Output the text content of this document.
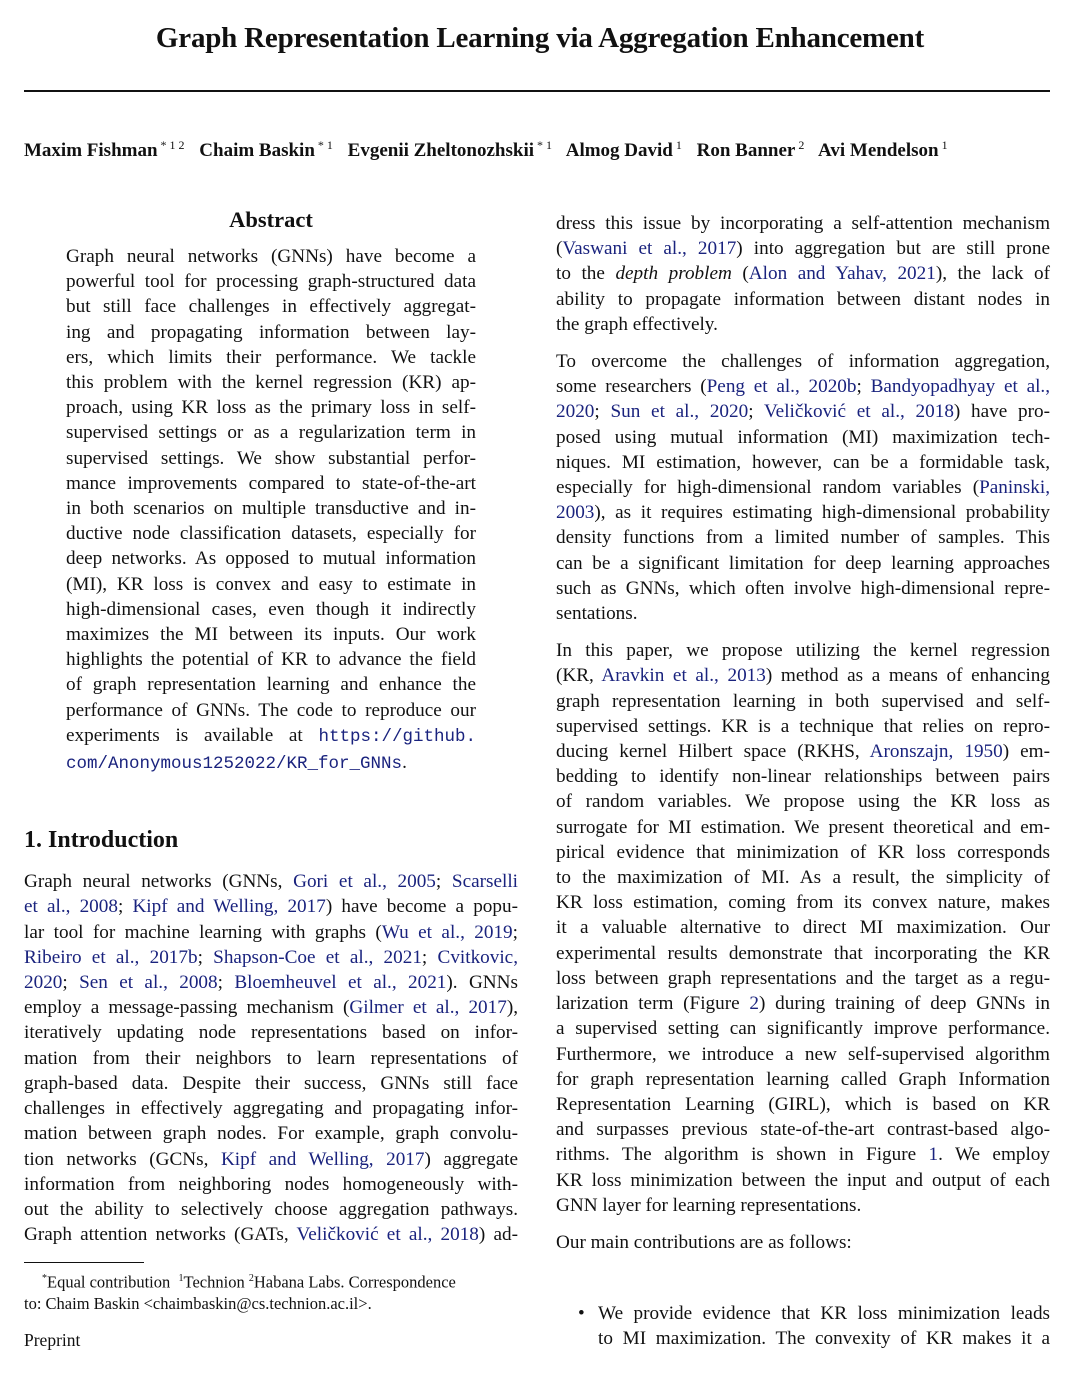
Graph Representation Learning via Aggregation Enhancement
Maxim Fishman $^{* 1 2}$ Chaim Baskin $^{* 1}$ Evgenii Zheltonozhskii $^{* 1}$ Almog David $^1$ Ron Banner $^2$ Avi Mendelson $^1$
Abstract
Graph neural networks (GNNs) have become a
powerful tool for processing graph-structured data
but still face challenges in effectively aggregat-
ing and propagating information between lay-
ers, which limits their performance. We tackle
this problem with the kernel regression (KR) ap-
proach, using KR loss as the primary loss in self-
supervised settings or as a regularization term in
supervised settings. We show substantial perfor-
mance improvements compared to state-of-the-art
in both scenarios on multiple transductive and in-
ductive node classification datasets, especially for
deep networks. As opposed to mutual information
(MI), KR loss is convex and easy to estimate in
high-dimensional cases, even though it indirectly
maximizes the MI between its inputs. Our work
highlights the potential of KR to advance the field
of graph representation learning and enhance the
performance of GNNs. The code to reproduce our
experiments is available at https://github.
com/Anonymous1252022/KR_for_GNNs.
1. Introduction
Graph neural networks (GNNs, Gori et al., 2005; Scarselli
et al., 2008; Kipf and Welling, 2017) have become a popu-
lar tool for machine learning with graphs (Wu et al., 2019;
Ribeiro et al., 2017b; Shapson-Coe et al., 2021; Cvitkovic,
2020; Sen et al., 2008; Bloemheuvel et al., 2021). GNNs
employ a message-passing mechanism (Gilmer et al., 2017),
iteratively updating node representations based on infor-
mation from their neighbors to learn representations of
graph-based data. Despite their success, GNNs still face
challenges in effectively aggregating and propagating infor-
mation between graph nodes. For example, graph convolu-
tion networks (GCNs, Kipf and Welling, 2017) aggregate
information from neighboring nodes homogeneously with-
out the ability to selectively choose aggregation pathways.
Graph attention networks (GATs, Veličković et al., 2018) ad-
*Equal contribution $^1$Technion $^2$Habana Labs. Correspondence
to: Chaim Baskin <chaimbaskin@cs.technion.ac.il>.
Preprint

dress this issue by incorporating a self-attention mechanism
(Vaswani et al., 2017) into aggregation but are still prone
to the depth problem (Alon and Yahav, 2021), the lack of
ability to propagate information between distant nodes in
the graph effectively.

To overcome the challenges of information aggregation,
some researchers (Peng et al., 2020b; Bandyopadhyay et al.,
2020; Sun et al., 2020; Veličković et al., 2018) have pro-
posed using mutual information (MI) maximization tech-
niques. MI estimation, however, can be a formidable task,
especially for high-dimensional random variables (Paninski,
2003), as it requires estimating high-dimensional probability
density functions from a limited number of samples. This
can be a significant limitation for deep learning approaches
such as GNNs, which often involve high-dimensional repre-
sentations.

In this paper, we propose utilizing the kernel regression
(KR, Aravkin et al., 2013) method as a means of enhancing
graph representation learning in both supervised and self-
supervised settings. KR is a technique that relies on repro-
ducing kernel Hilbert space (RKHS, Aronszajn, 1950) em-
bedding to identify non-linear relationships between pairs
of random variables. We propose using the KR loss as
surrogate for MI estimation. We present theoretical and em-
pirical evidence that minimization of KR loss corresponds
to the maximization of MI. As a result, the simplicity of
KR loss estimation, coming from its convex nature, makes
it a valuable alternative to direct MI maximization. Our
experimental results demonstrate that incorporating the KR
loss between graph representations and the target as a regu-
larization term (Figure 2) during training of deep GNNs in
a supervised setting can significantly improve performance.
Furthermore, we introduce a new self-supervised algorithm
for graph representation learning called Graph Information
Representation Learning (GIRL), which is based on KR
and surpasses previous state-of-the-art contrast-based algo-
rithms. The algorithm is shown in Figure 1. We employ
KR loss minimization between the input and output of each
GNN layer for learning representations.

Our main contributions are as follows:

• We provide evidence that KR loss minimization leads
to MI maximization. The convexity of KR makes it a
